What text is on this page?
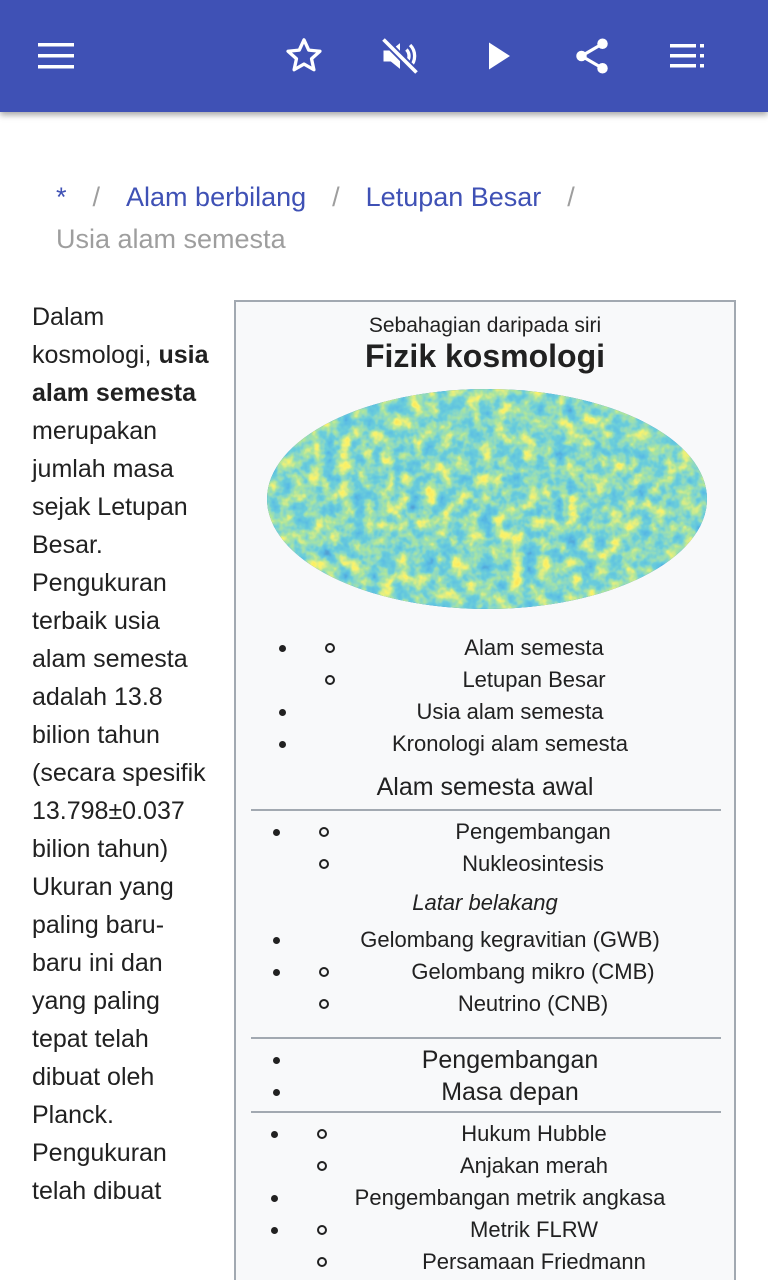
* / Alam berbilang / Letupan Besar /
Usia alam semesta
Dalam kosmologi, usia alam semesta merupakan jumlah masa sejak Letupan Besar. Pengukuran terbaik usia alam semesta adalah 13.8 bilion tahun (secara spesifik 13.798±0.037 bilion tahun) Ukuran yang paling baru-baru ini dan yang paling tepat telah dibuat oleh Planck. Pengukuran telah dibuat
Sebahagian daripada siri
Fizik kosmologi
Alam semesta
Letupan Besar
Usia alam semesta
Kronologi alam semesta
Alam semesta awal
Pengembangan
Nukleosintesis
Latar belakang
Gelombang kegravitian (GWB)
Gelombang mikro (CMB)
Neutrino (CNB)
Pengembangan
Masa depan
Hukum Hubble
Anjakan merah
Pengembangan metrik angkasa
Metrik FLRW
Persamaan Friedmann
